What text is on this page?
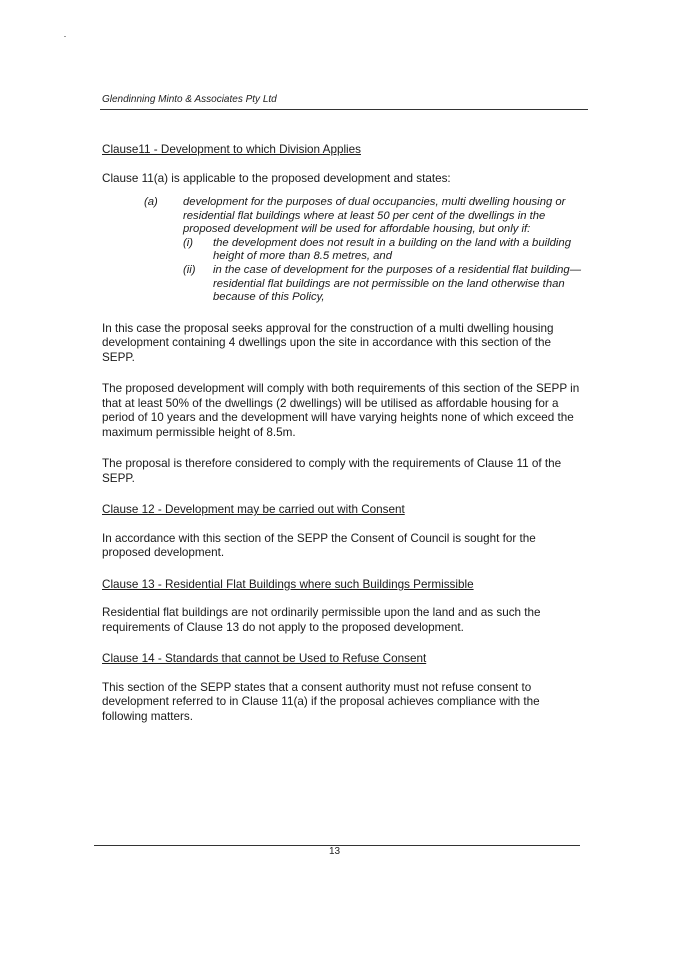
Glendinning Minto & Associates Pty Ltd

Clause11 - Development to which Division Applies

Clause 11(a) is applicable to the proposed development and states:

(a)	development for the purposes of dual occupancies, multi dwelling housing or residential flat buildings where at least 50 per cent of the dwellings in the proposed development will be used for affordable housing, but only if:
(i)	the development does not result in a building on the land with a building height of more than 8.5 metres, and
(ii)	in the case of development for the purposes of a residential flat building—residential flat buildings are not permissible on the land otherwise than because of this Policy,

In this case the proposal seeks approval for the construction of a multi dwelling housing development containing 4 dwellings upon the site in accordance with this section of the SEPP.

The proposed development will comply with both requirements of this section of the SEPP in that at least 50% of the dwellings (2 dwellings) will be utilised as affordable housing for a period of 10 years and the development will have varying heights none of which exceed the maximum permissible height of 8.5m.

The proposal is therefore considered to comply with the requirements of Clause 11 of the SEPP.

Clause 12 - Development may be carried out with Consent

In accordance with this section of the SEPP the Consent of Council is sought for the proposed development.

Clause 13 - Residential Flat Buildings where such Buildings Permissible

Residential flat buildings are not ordinarily permissible upon the land and as such the requirements of Clause 13 do not apply to the proposed development.

Clause 14 - Standards that cannot be Used to Refuse Consent

This section of the SEPP states that a consent authority must not refuse consent to development referred to in Clause 11(a) if the proposal achieves compliance with the following matters.

13
